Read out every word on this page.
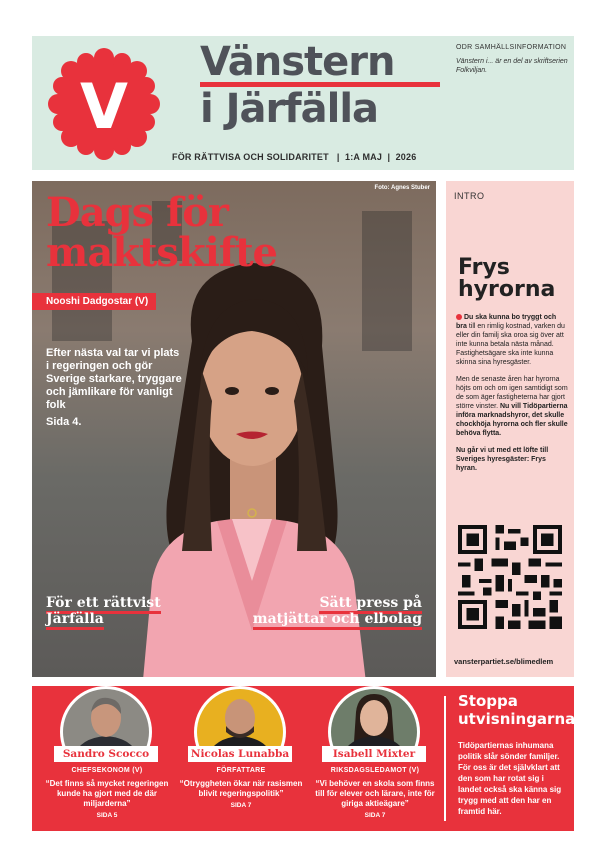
V
Vänstern
i Järfälla
FÖR RÄTTVISA OCH SOLIDARITET   |  1:A MAJ  |  2026
ODR SAMHÄLLSINFORMATION
Vänstern i... är en del av skriftserien Folkviljan.
Foto: Agnes Stuber
Dags för
maktskifte
Nooshi Dadgostar (V)
Efter nästa val tar vi plats i regeringen och gör Sverige starkare, tryggare och jämlikare för vanligt folk
Sida 4.
För ett rättvist
Järfälla
Sätt press på
matjättar och elbolag
INTRO
Frys
hyrorna

Du ska kunna bo tryggt och bra till en rimlig kostnad, varken du eller din familj ska oroa sig över att inte kunna betala nästa månad. Fastighetsägare ska inte kunna skinna sina hyresgäster.

Men de senaste åren har hyrorna höjts om och om igen samtidigt som de som äger fastigheterna har gjort större vinster. Nu vill Tidöpartierna införa marknadshyror, det skulle chockhöja hyrorna och fler skulle behöva flytta.

Nu går vi ut med ett löfte till Sveriges hyresgäster: Frys hyran.

vansterpartiet.se/blimedlem
FOTO: AGNES STUBER
Sandro Scocco
CHEFSEKONOM (V)
“Det finns så mycket regeringen kunde ha gjort med de där miljarderna”
SIDA 5
FOTO: ANDRÉ DE LOISTED
Nicolas Lunabba
FÖRFATTARE
“Otryggheten ökar när rasismen blivit regeringspolitik”
SIDA 7
FOTO: AGNES STUBER
Isabell Mixter
RIKSDAGSLEDAMOT (V)
“Vi behöver en skola som finns till för elever och lärare, inte för giriga aktieägare”
SIDA 7
Stoppa
utvisningarna
Tidöpartiernas inhumana politik slår sönder familjer. För oss är det självklart att den som har rotat sig i landet också ska känna sig trygg med att den har en framtid här.
